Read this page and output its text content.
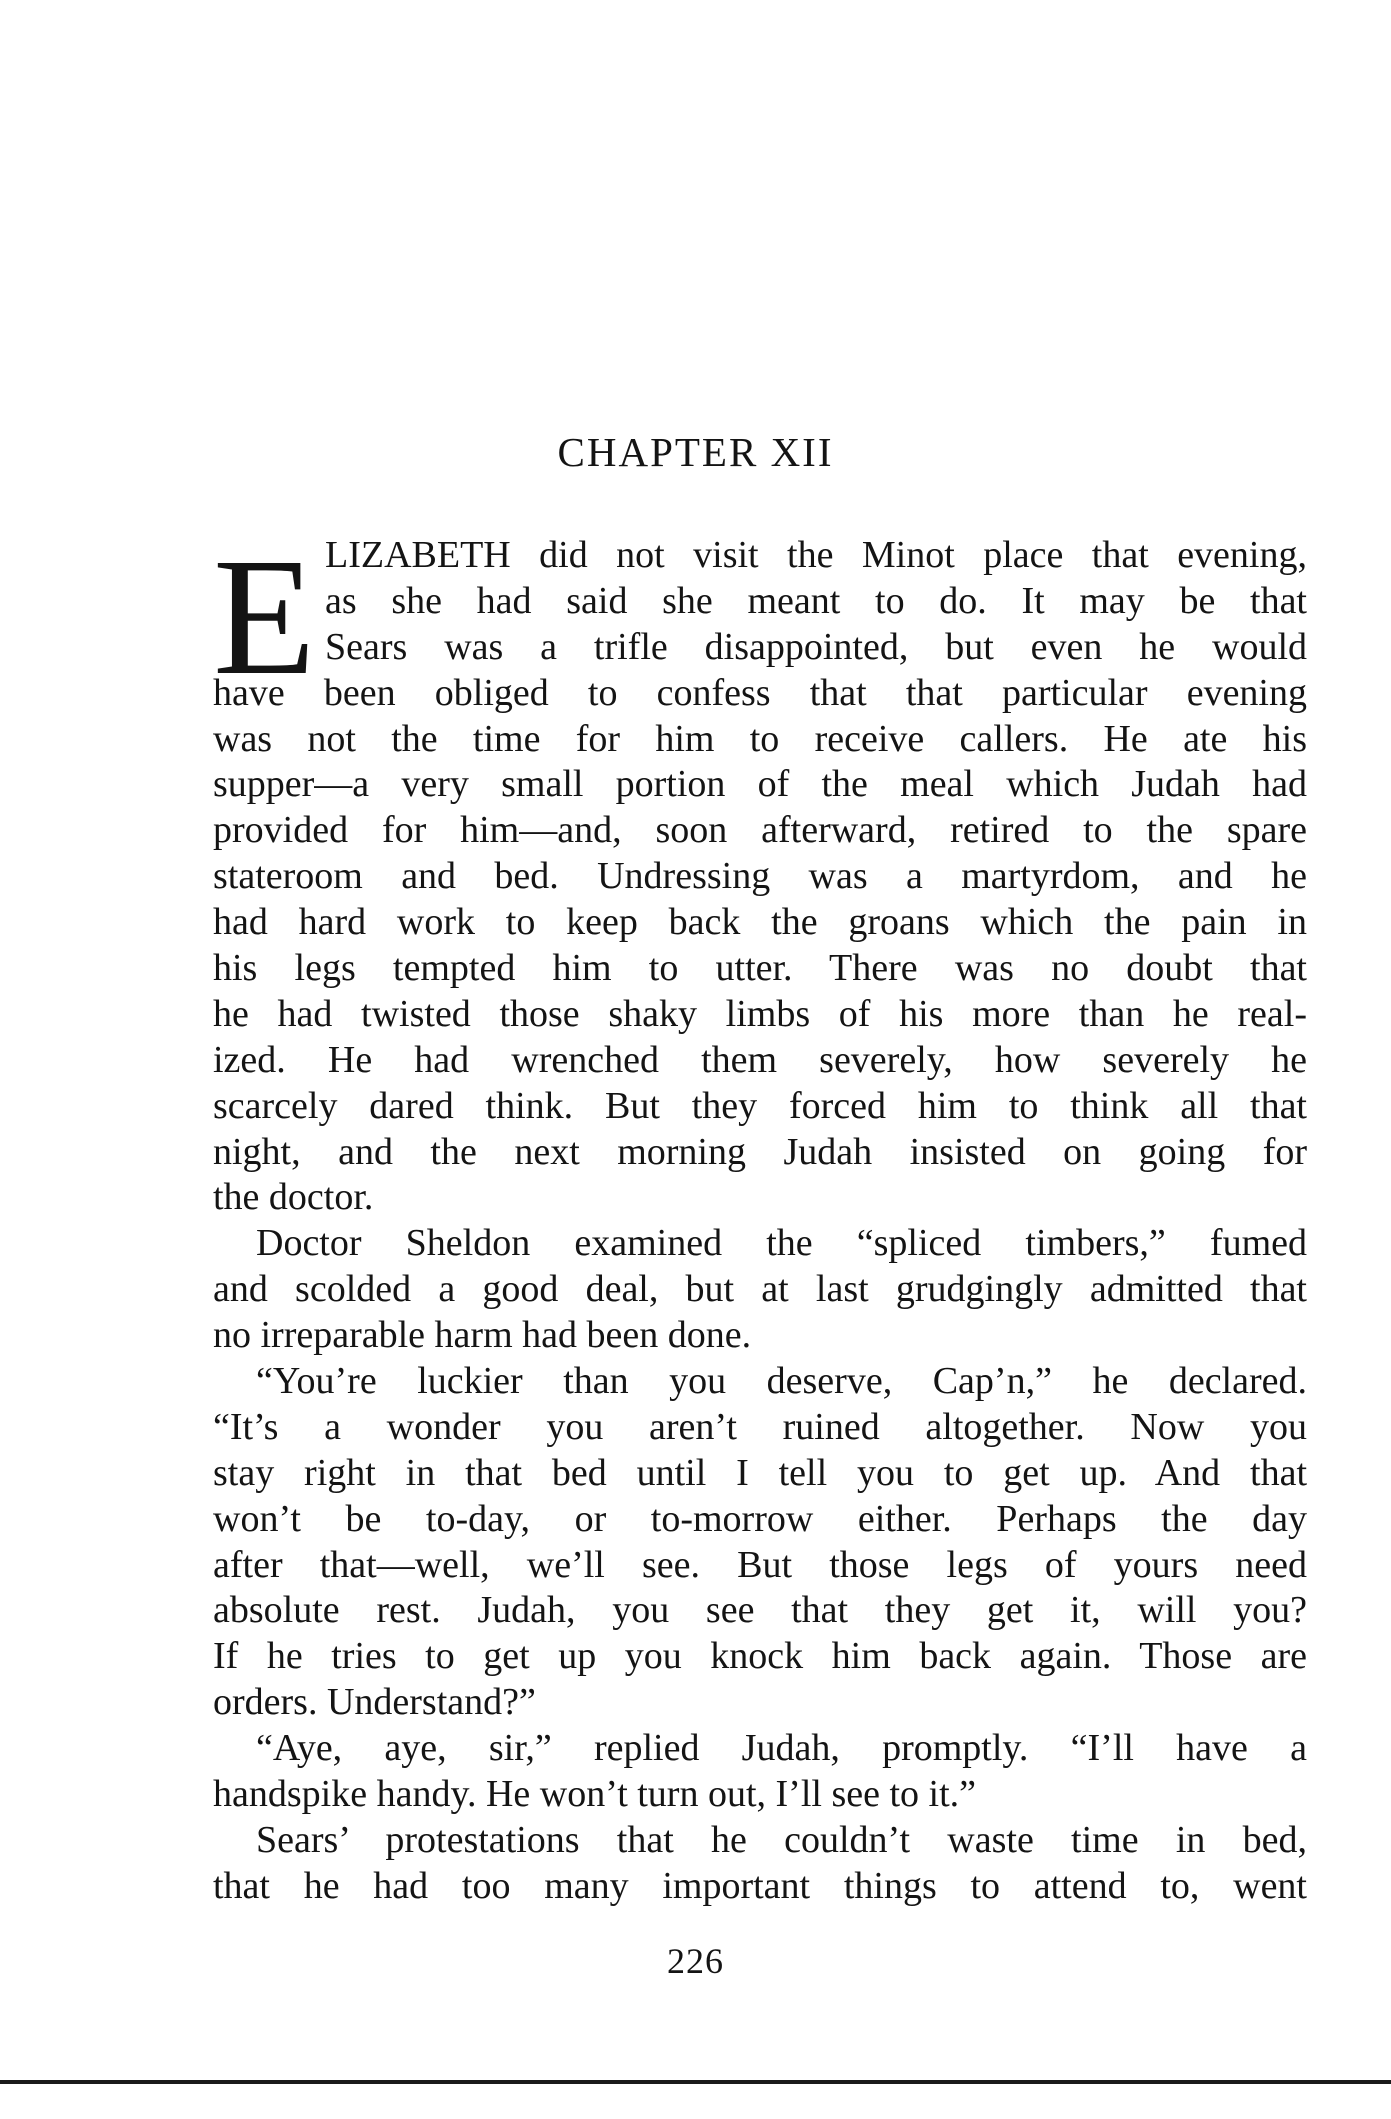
CHAPTER XII
E LIZABETH did not visit the Minot place that evening,
as she had said she meant to do. It may be that
Sears was a trifle disappointed, but even he would
have been obliged to confess that that particular evening
was not the time for him to receive callers. He ate his
supper—a very small portion of the meal which Judah had
provided for him—and, soon afterward, retired to the spare
stateroom and bed. Undressing was a martyrdom, and he
had hard work to keep back the groans which the pain in
his legs tempted him to utter. There was no doubt that
he had twisted those shaky limbs of his more than he real-
ized. He had wrenched them severely, how severely he
scarcely dared think. But they forced him to think all that
night, and the next morning Judah insisted on going for
the doctor.
Doctor Sheldon examined the “spliced timbers,” fumed
and scolded a good deal, but at last grudgingly admitted that
no irreparable harm had been done.
“You’re luckier than you deserve, Cap’n,” he declared.
“It’s a wonder you aren’t ruined altogether. Now you
stay right in that bed until I tell you to get up. And that
won’t be to-day, or to-morrow either. Perhaps the day
after that—well, we’ll see. But those legs of yours need
absolute rest. Judah, you see that they get it, will you?
If he tries to get up you knock him back again. Those are
orders. Understand?”
“Aye, aye, sir,” replied Judah, promptly. “I’ll have a
handspike handy. He won’t turn out, I’ll see to it.”
Sears’ protestations that he couldn’t waste time in bed,
that he had too many important things to attend to, went
226
